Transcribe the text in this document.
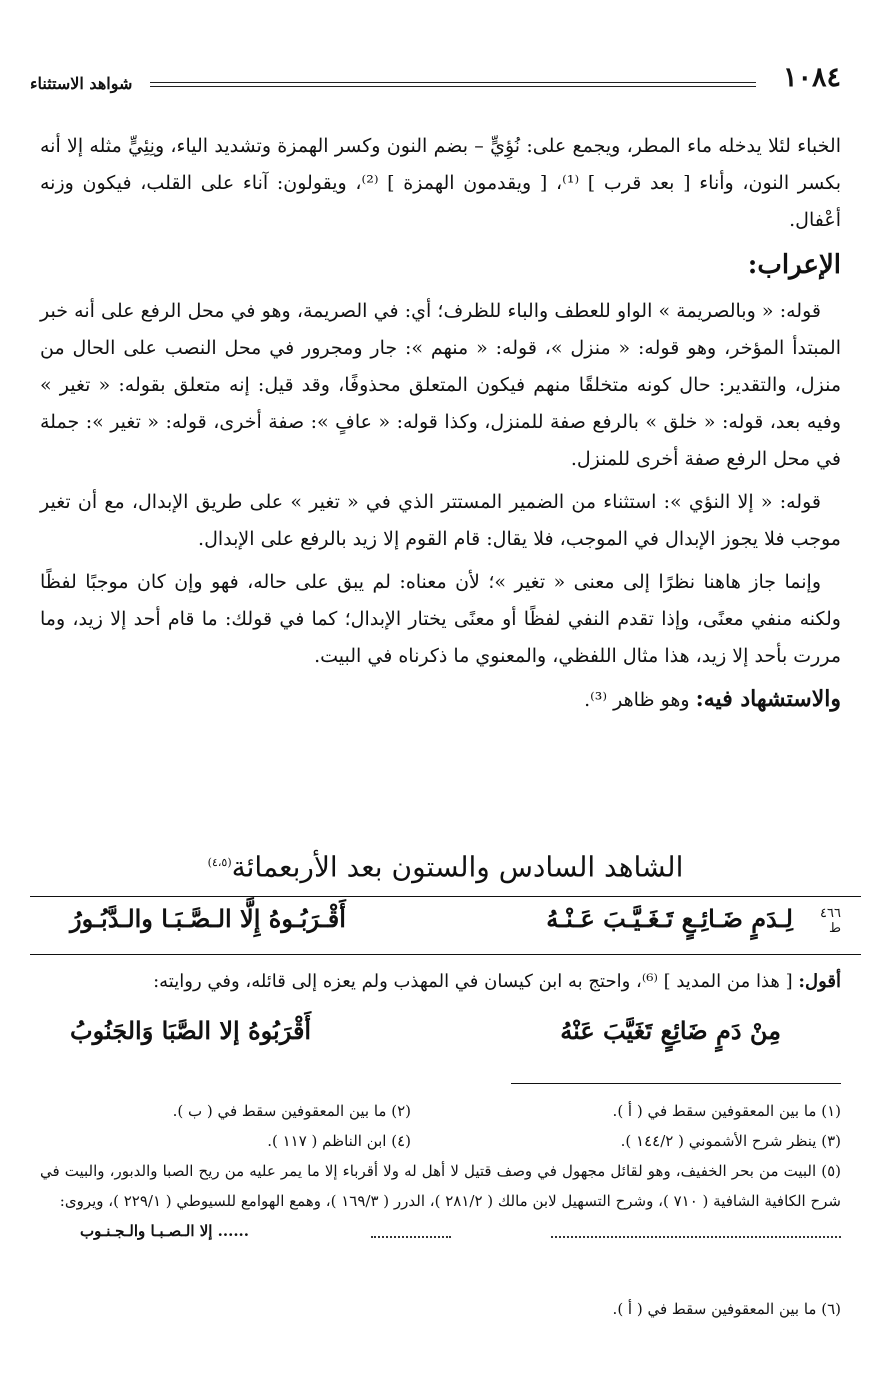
١٠٨٤
شواهد الاستثناء

الخباء لئلا يدخله ماء المطر، ويجمع على: نُؤِيٍّ – بضم النون وكسر الهمزة وتشديد الياء، ونِئِيٍّ مثله إلا أنه بكسر النون، وأناء [ بعد قرب ] ⁽¹⁾، [ ويقدمون الهمزة ] ⁽²⁾، ويقولون: آناء على القلب، فيكون وزنه أعْفال.

الإعراب:

قوله: « وبالصريمة » الواو للعطف والباء للظرف؛ أي: في الصريمة، وهو في محل الرفع على أنه خبر المبتدأ المؤخر، وهو قوله: « منزل »، قوله: « منهم »: جار ومجرور في محل النصب على الحال من منزل، والتقدير: حال كونه متخلقًا منهم فيكون المتعلق محذوفًا، وقد قيل: إنه متعلق بقوله: « تغير » وفيه بعد، قوله: « خلق » بالرفع صفة للمنزل، وكذا قوله: « عافٍ »: صفة أخرى، قوله: « تغير »: جملة في محل الرفع صفة أخرى للمنزل.

قوله: « إلا النؤي »: استثناء من الضمير المستتر الذي في « تغير » على طريق الإبدال، مع أن تغير موجب فلا يجوز الإبدال في الموجب، فلا يقال: قام القوم إلا زيد بالرفع على الإبدال.

وإنما جاز هاهنا نظرًا إلى معنى « تغير »؛ لأن معناه: لم يبق على حاله، فهو وإن كان موجبًا لفظًا ولكنه منفي معنًى، وإذا تقدم النفي لفظًا أو معنًى يختار الإبدال؛ كما في قولك: ما قام أحد إلا زيد، وما مررت بأحد إلا زيد، هذا مثال اللفظي، والمعنوي ما ذكرناه في البيت.

والاستشهاد فيه: وهو ظاهر ⁽³⁾.

الشاهد السادس والستون بعد الأربعمائة$^{(٤،٥)}$
٤٦٦
ط
لِـدَمٍ ضَـائِـعٍ تَـغَـيَّـبَ عَـنْـهُ
أَقْـرَبُـوهُ إِلَّا الـصَّـبَـا والـدَّبُـورُ
أقول: [ هذا من المديد ] ⁽⁶⁾، واحتج به ابن كيسان في المهذب ولم يعزه إلى قائله، وفي روايته:
مِنْ دَمٍ ضَائِعٍ تَغَيَّبَ عَنْهُ
أَقْرَبُوهُ إلا الصَّبَا وَالجَنُوبُ
(١) ما بين المعقوفين سقط في ( أ ).
(٢) ما بين المعقوفين سقط في ( ب ).
(٣) ينظر شرح الأشموني ( ١٤٤/٢ ).
(٤) ابن الناظم ( ١١٧ ).

(٥) البيت من بحر الخفيف، وهو لقائل مجهول في وصف قتيل لا أهل له ولا أقرباء إلا ما يمر عليه من ريح الصبا والدبور، والبيت في شرح الكافية الشافية ( ٧١٠ )، وشرح التسهيل لابن مالك ( ٢٨١/٢ )، الدرر ( ١٦٩/٣ )، وهمع الهوامع للسيوطي ( ٢٢٩/١ )، ويروى:

...... إلا الـصـبـا والـجـنـوب
(٦) ما بين المعقوفين سقط في ( أ ).
